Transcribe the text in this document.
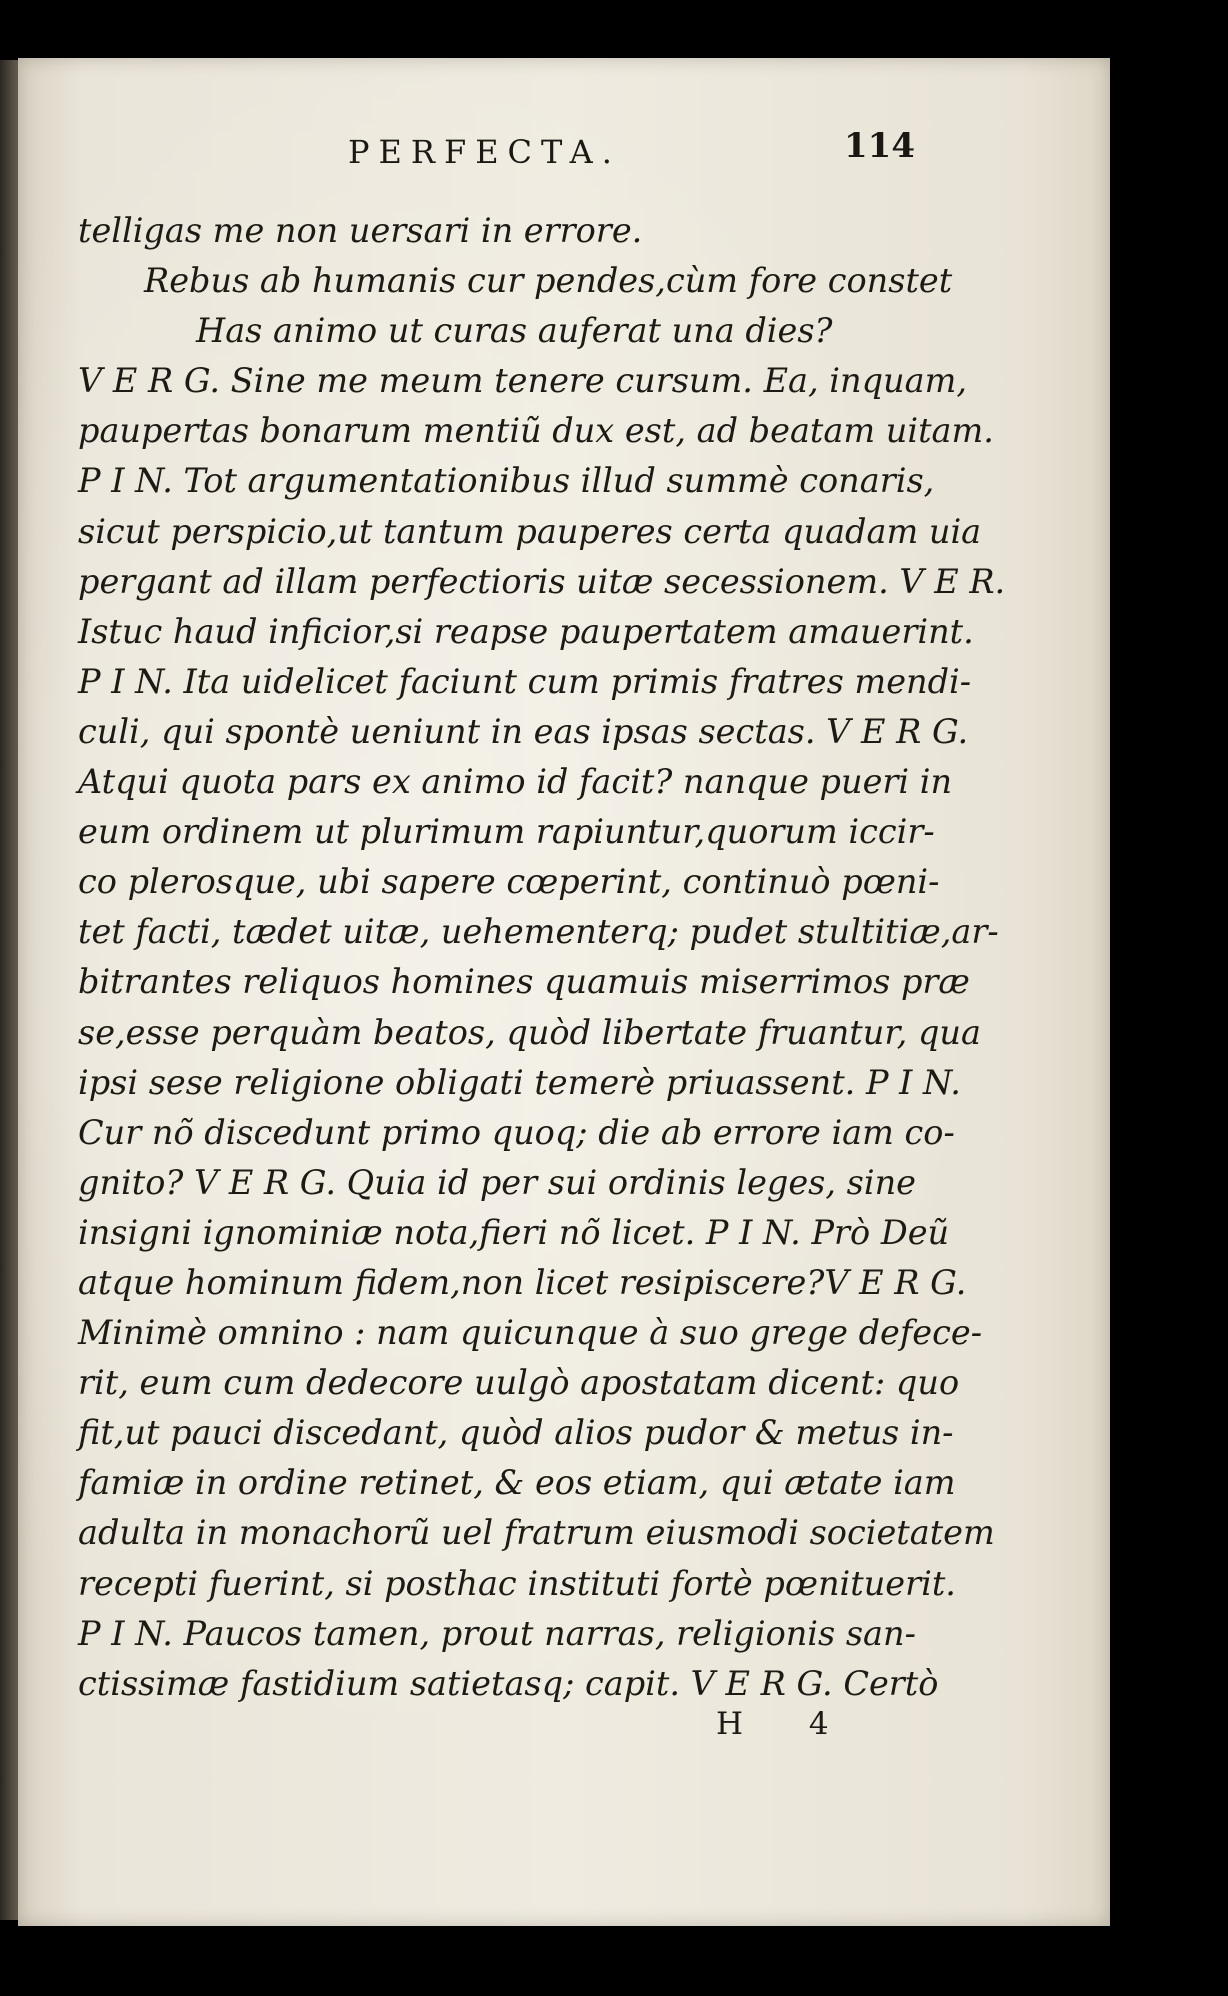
PERFECTA.	114
telligas me non uersari in errore.
Rebus ab humanis cur pendes,cùm fore constet
Has animo ut curas auferat una dies?
V E R G. Sine me meum tenere cursum. Ea, inquam,
paupertas bonarum mentiũ dux est, ad beatam uitam.
P I N. Tot argumentationibus illud summè conaris,
sicut perspicio,ut tantum pauperes certa quadam uia
pergant ad illam perfectioris uitæ secessionem. V E R.
Istuc haud inficior,si reapse paupertatem amauerint.
P I N. Ita uidelicet faciunt cum primis fratres mendi-
culi, qui spontè ueniunt in eas ipsas sectas. V E R G.
Atqui quota pars ex animo id facit? nanque pueri in
eum ordinem ut plurimum rapiuntur,quorum iccir-
co plerosque, ubi sapere cœperint, continuò pœni-
tet facti, tædet uitæ, uehementerq; pudet stultitiæ,ar-
bitrantes reliquos homines quamuis miserrimos præ
se,esse perquàm beatos, quòd libertate fruantur, qua
ipsi sese religione obligati temerè priuassent. P I N.
Cur nõ discedunt primo quoq; die ab errore iam co-
gnito? V E R G. Quia id per sui ordinis leges, sine
insigni ignominiæ nota,fieri nõ licet. P I N. Prò Deũ
atque hominum fidem,non licet resipiscere?V E R G.
Minimè omnino : nam quicunque à suo grege defece-
rit, eum cum dedecore uulgò apostatam dicent: quo
fit,ut pauci discedant, quòd alios pudor & metus in-
famiæ in ordine retinet, & eos etiam, qui ætate iam
adulta in monachorũ uel fratrum eiusmodi societatem
recepti fuerint, si posthac instituti fortè pœnituerit.
P I N. Paucos tamen, prout narras, religionis san-
ctissimæ fastidium satietasq; capit. V E R G. Certò
H 4
